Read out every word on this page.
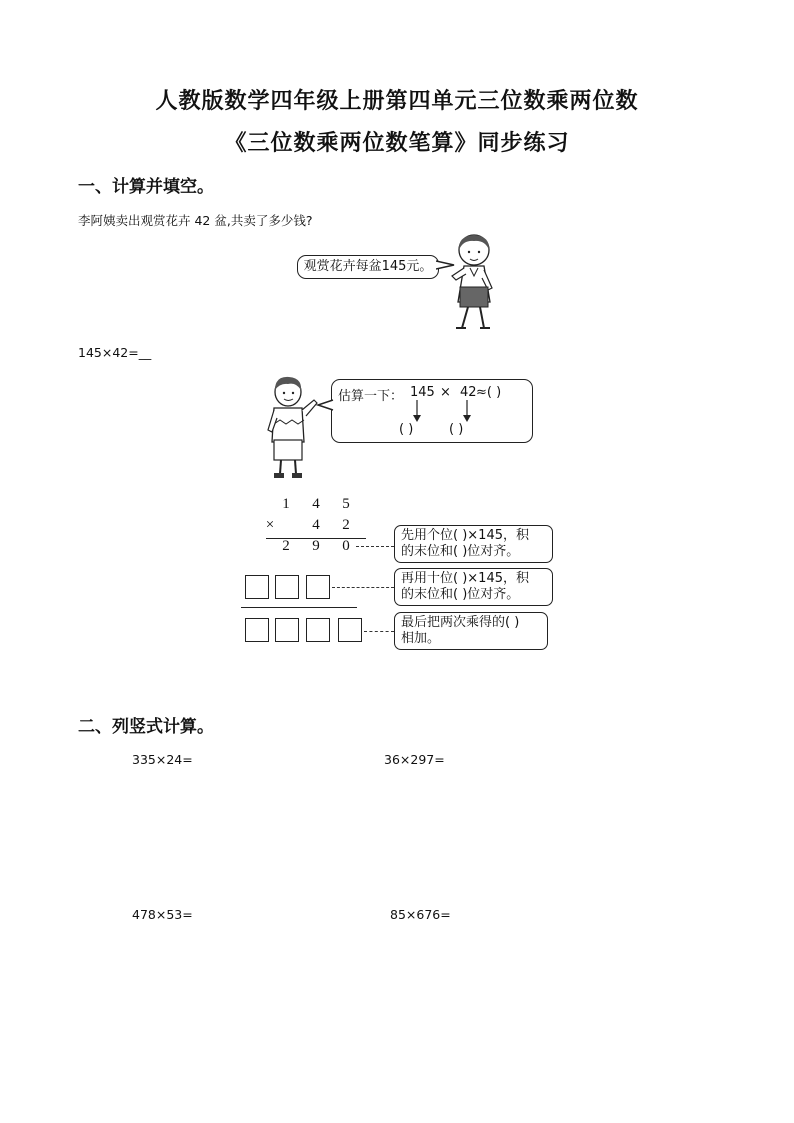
人教版数学四年级上册第四单元三位数乘两位数
《三位数乘两位数笔算》同步练习
一、计算并填空。
李阿姨卖出观赏花卉 42 盆,共卖了多少钱?
观赏花卉每盆145元。
145×42=__
估算一下： 145 × 42 ≈( )
( )	( )
1	4	5
×	4	2
2	9	0
先用个位( )×145，积
的末位和( )位对齐。
再用十位( )×145，积
的末位和( )位对齐。
最后把两次乘得的( )
相加。
二、列竖式计算。
335×24=	36×297=
478×53=	85×676=
